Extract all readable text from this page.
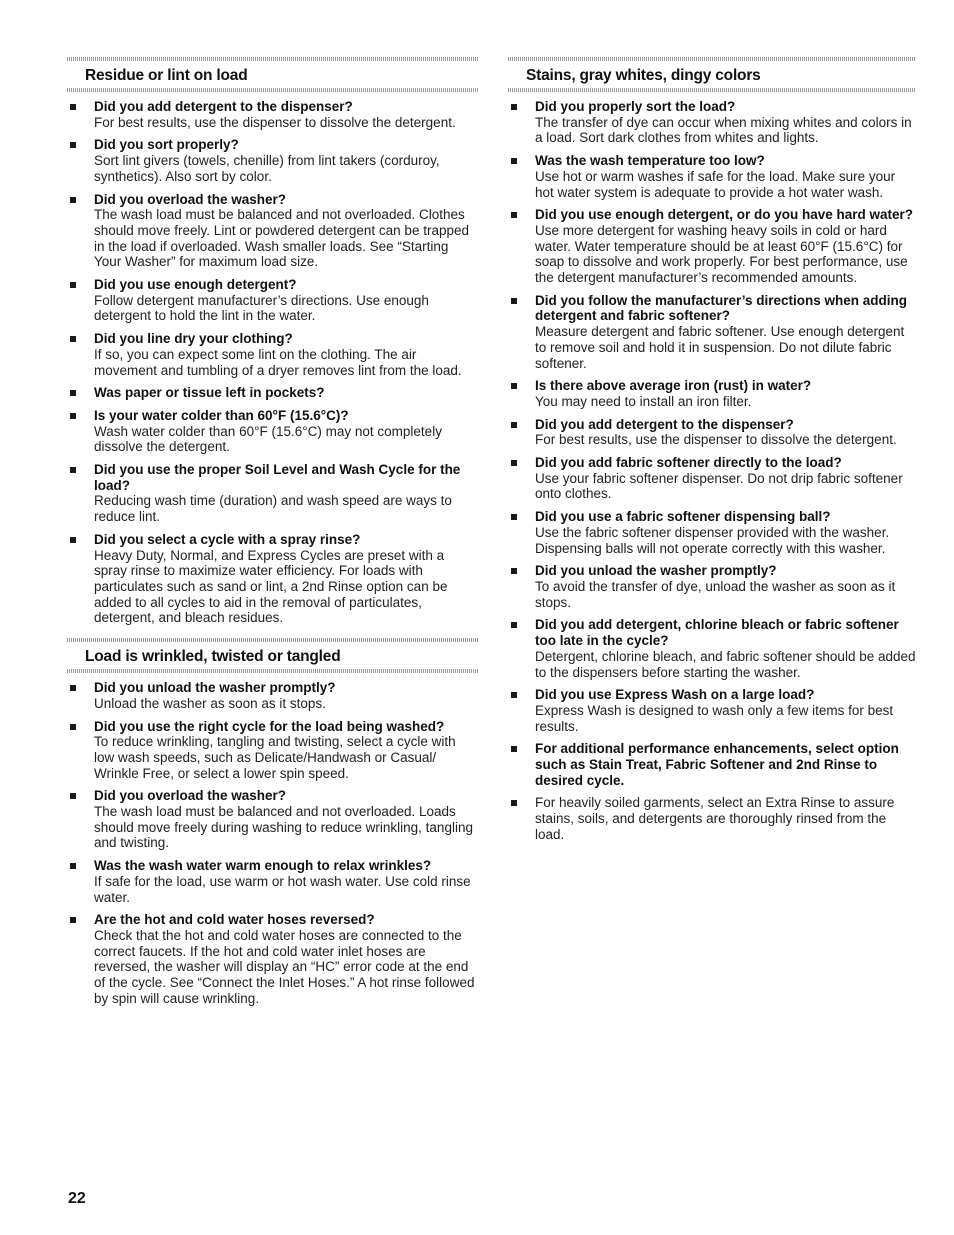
Residue or lint on load
Did you add detergent to the dispenser?
For best results, use the dispenser to dissolve the detergent.
Did you sort properly?
Sort lint givers (towels, chenille) from lint takers (corduroy, synthetics). Also sort by color.
Did you overload the washer?
The wash load must be balanced and not overloaded. Clothes should move freely. Lint or powdered detergent can be trapped in the load if overloaded. Wash smaller loads. See “Starting Your Washer” for maximum load size.
Did you use enough detergent?
Follow detergent manufacturer’s directions. Use enough detergent to hold the lint in the water.
Did you line dry your clothing?
If so, you can expect some lint on the clothing. The air movement and tumbling of a dryer removes lint from the load.
Was paper or tissue left in pockets?
Is your water colder than 60°F (15.6°C)?
Wash water colder than 60°F (15.6°C) may not completely dissolve the detergent.
Did you use the proper Soil Level and Wash Cycle for the load?
Reducing wash time (duration) and wash speed are ways to reduce lint.
Did you select a cycle with a spray rinse?
Heavy Duty, Normal, and Express Cycles are preset with a spray rinse to maximize water efficiency. For loads with particulates such as sand or lint, a 2nd Rinse option can be added to all cycles to aid in the removal of particulates, detergent, and bleach residues.
Load is wrinkled, twisted or tangled
Did you unload the washer promptly?
Unload the washer as soon as it stops.
Did you use the right cycle for the load being washed?
To reduce wrinkling, tangling and twisting, select a cycle with low wash speeds, such as Delicate/Handwash or Casual/ Wrinkle Free, or select a lower spin speed.
Did you overload the washer?
The wash load must be balanced and not overloaded. Loads should move freely during washing to reduce wrinkling, tangling and twisting.
Was the wash water warm enough to relax wrinkles?
If safe for the load, use warm or hot wash water. Use cold rinse water.
Are the hot and cold water hoses reversed?
Check that the hot and cold water hoses are connected to the correct faucets. If the hot and cold water inlet hoses are reversed, the washer will display an “HC” error code at the end of the cycle. See “Connect the Inlet Hoses.” A hot rinse followed by spin will cause wrinkling.
Stains, gray whites, dingy colors
Did you properly sort the load?
The transfer of dye can occur when mixing whites and colors in a load. Sort dark clothes from whites and lights.
Was the wash temperature too low?
Use hot or warm washes if safe for the load. Make sure your hot water system is adequate to provide a hot water wash.
Did you use enough detergent, or do you have hard water?
Use more detergent for washing heavy soils in cold or hard water. Water temperature should be at least 60°F (15.6°C) for soap to dissolve and work properly. For best performance, use the detergent manufacturer’s recommended amounts.
Did you follow the manufacturer’s directions when adding detergent and fabric softener?
Measure detergent and fabric softener. Use enough detergent to remove soil and hold it in suspension. Do not dilute fabric softener.
Is there above average iron (rust) in water?
You may need to install an iron filter.
Did you add detergent to the dispenser?
For best results, use the dispenser to dissolve the detergent.
Did you add fabric softener directly to the load?
Use your fabric softener dispenser. Do not drip fabric softener onto clothes.
Did you use a fabric softener dispensing ball?
Use the fabric softener dispenser provided with the washer. Dispensing balls will not operate correctly with this washer.
Did you unload the washer promptly?
To avoid the transfer of dye, unload the washer as soon as it stops.
Did you add detergent, chlorine bleach or fabric softener too late in the cycle?
Detergent, chlorine bleach, and fabric softener should be added to the dispensers before starting the washer.
Did you use Express Wash on a large load?
Express Wash is designed to wash only a few items for best results.
For additional performance enhancements, select option such as Stain Treat, Fabric Softener and 2nd Rinse to desired cycle.
For heavily soiled garments, select an Extra Rinse to assure stains, soils, and detergents are thoroughly rinsed from the load.
22
